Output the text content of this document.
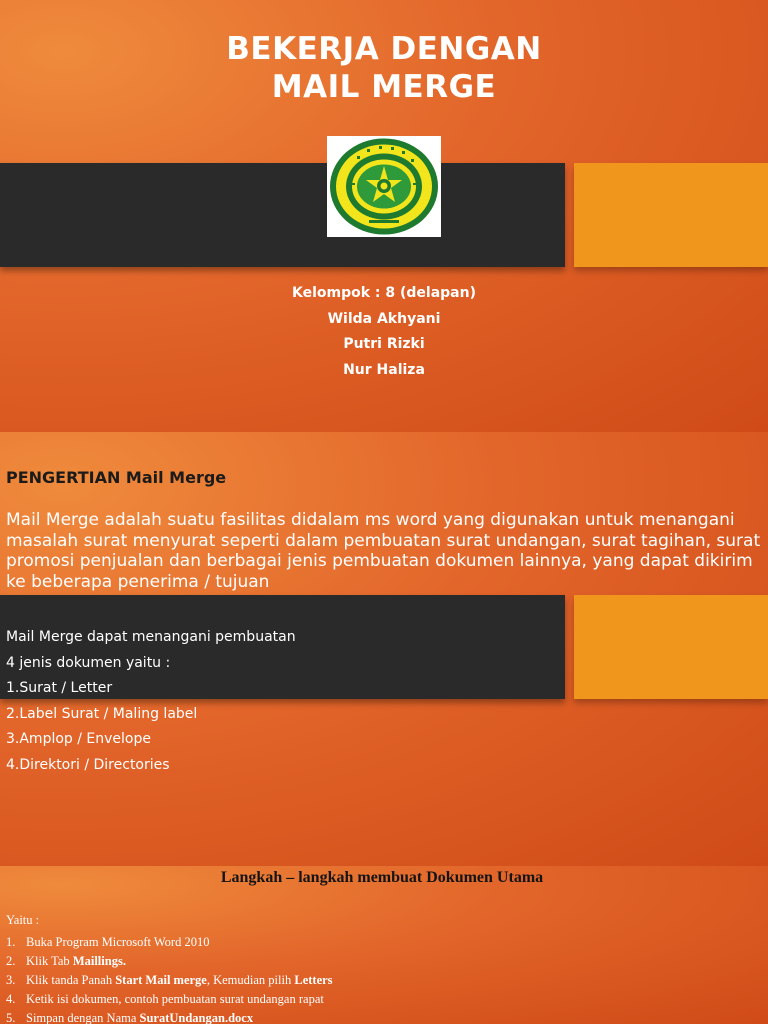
BEKERJA DENGAN
MAIL MERGE
Kelompok : 8 (delapan)
Wilda Akhyani
Putri Rizki
Nur Haliza
PENGERTIAN Mail Merge
Mail Merge adalah suatu fasilitas didalam ms word yang digunakan untuk menangani masalah surat menyurat seperti dalam pembuatan surat undangan, surat tagihan, surat promosi penjualan dan berbagai jenis pembuatan dokumen lainnya, yang dapat dikirim ke beberapa penerima / tujuan
Mail Merge dapat menangani pembuatan
4 jenis dokumen yaitu :
1.Surat / Letter
2.Label Surat / Maling label
3.Amplop / Envelope
4.Direktori / Directories
Langkah – langkah membuat Dokumen Utama
Yaitu :
1. Buka Program Microsoft Word 2010
2. Klik Tab Maillings.
3. Klik tanda Panah Start Mail merge, Kemudian pilih Letters
4. Ketik isi dokumen, contoh pembuatan surat undangan rapat
5. Simpan dengan Nama SuratUndangan.docx
